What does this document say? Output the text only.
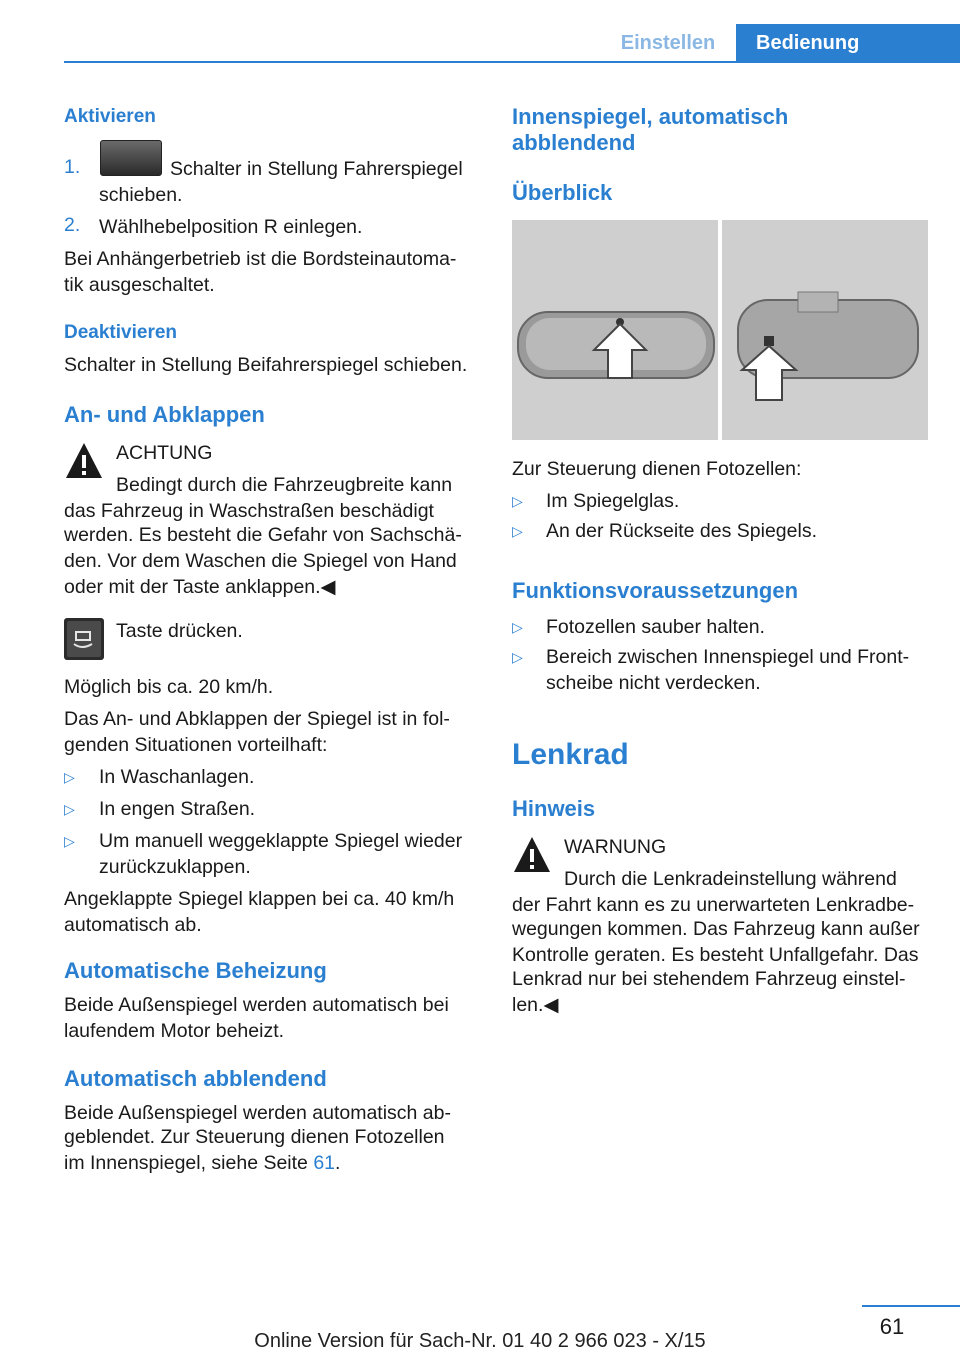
Einstellen	Bedienung
Aktivieren
1.	Schalter in Stellung Fahrerspiegel
schieben.
2. Wählhebelposition R einlegen.
Bei Anhängerbetrieb ist die Bordsteinautoma‐
tik ausgeschaltet.
Deaktivieren
Schalter in Stellung Beifahrerspiegel schieben.
An- und Abklappen
ACHTUNG
Bedingt durch die Fahrzeugbreite kann
das Fahrzeug in Waschstraßen beschädigt
werden. Es besteht die Gefahr von Sachschä‐
den. Vor dem Waschen die Spiegel von Hand
oder mit der Taste anklappen.◀
Taste drücken.
Möglich bis ca. 20 km/h.
Das An- und Abklappen der Spiegel ist in fol‐
genden Situationen vorteilhaft:
▷ In Waschanlagen.
▷ In engen Straßen.
▷ Um manuell weggeklappte Spiegel wieder
zurückzuklappen.
Angeklappte Spiegel klappen bei ca. 40 km/h
automatisch ab.
Automatische Beheizung
Beide Außenspiegel werden automatisch bei
laufendem Motor beheizt.
Automatisch abblendend
Beide Außenspiegel werden automatisch ab‐
geblendet. Zur Steuerung dienen Fotozellen
im Innenspiegel, siehe Seite 61.
Innenspiegel, automatisch
abblendend
Überblick
Zur Steuerung dienen Fotozellen:
▷ Im Spiegelglas.
▷ An der Rückseite des Spiegels.
Funktionsvoraussetzungen
▷ Fotozellen sauber halten.
▷ Bereich zwischen Innenspiegel und Front‐
scheibe nicht verdecken.
Lenkrad
Hinweis
WARNUNG
Durch die Lenkradeinstellung während
der Fahrt kann es zu unerwarteten Lenkradbe‐
wegungen kommen. Das Fahrzeug kann außer
Kontrolle geraten. Es besteht Unfallgefahr. Das
Lenkrad nur bei stehendem Fahrzeug einstel‐
len.◀
61
Online Version für Sach-Nr. 01 40 2 966 023 - X/15
